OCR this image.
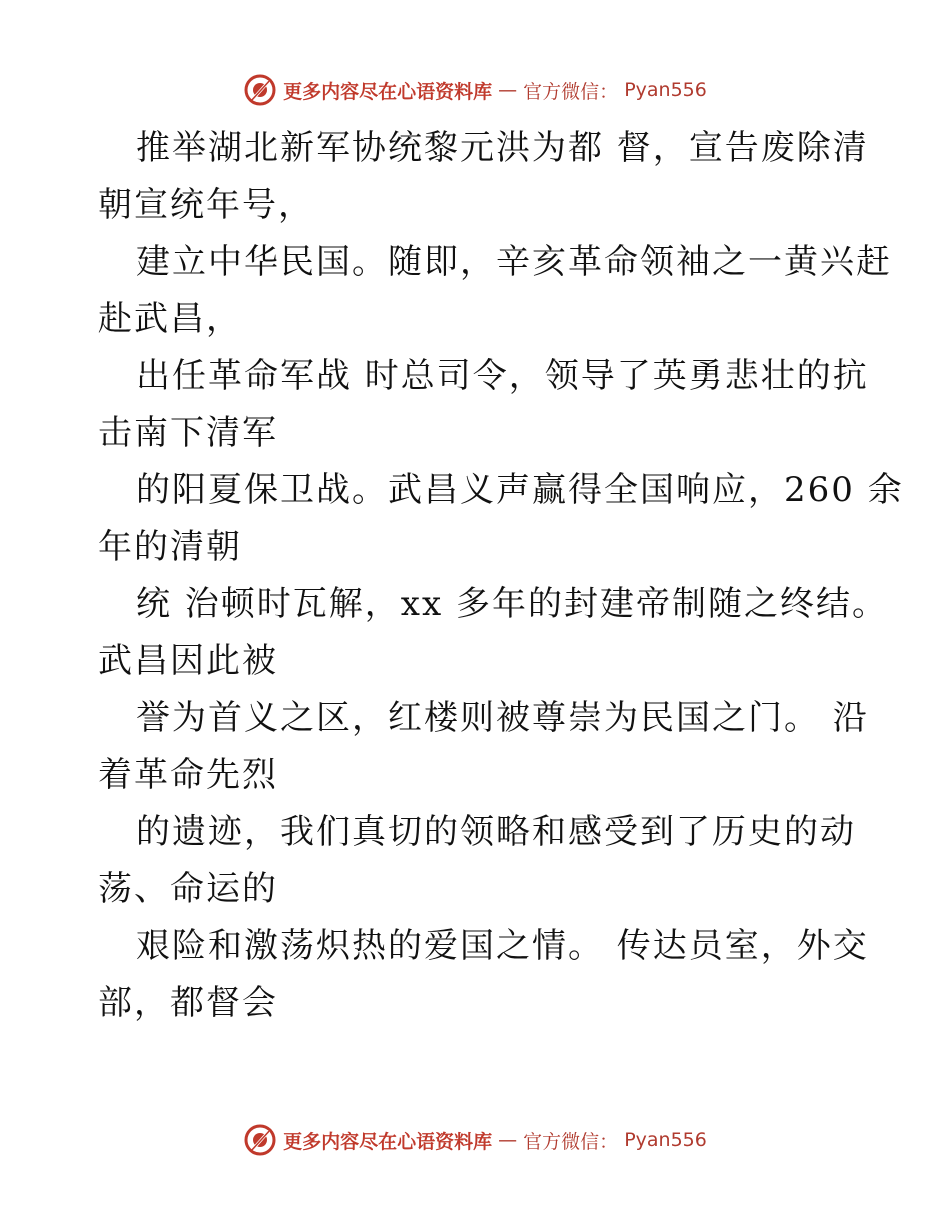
更多内容尽在心语资料库 — 官方微信： Pyan556
推举湖北新军协统黎元洪为都 督，宣告废除清
朝宣统年号，
建立中华民国。随即，辛亥革命领袖之一黄兴赶
赴武昌，
出任革命军战 时总司令，领导了英勇悲壮的抗
击南下清军
的阳夏保卫战。武昌义声赢得全国响应，260 余
年的清朝
统 治顿时瓦解，xx 多年的封建帝制随之终结。
武昌因此被
誉为首义之区，红楼则被尊崇为民国之门。 沿
着革命先烈
的遗迹，我们真切的领略和感受到了历史的动
荡、命运的
艰险和激荡炽热的爱国之情。 传达员室，外交
部，都督会
更多内容尽在心语资料库 — 官方微信： Pyan556
